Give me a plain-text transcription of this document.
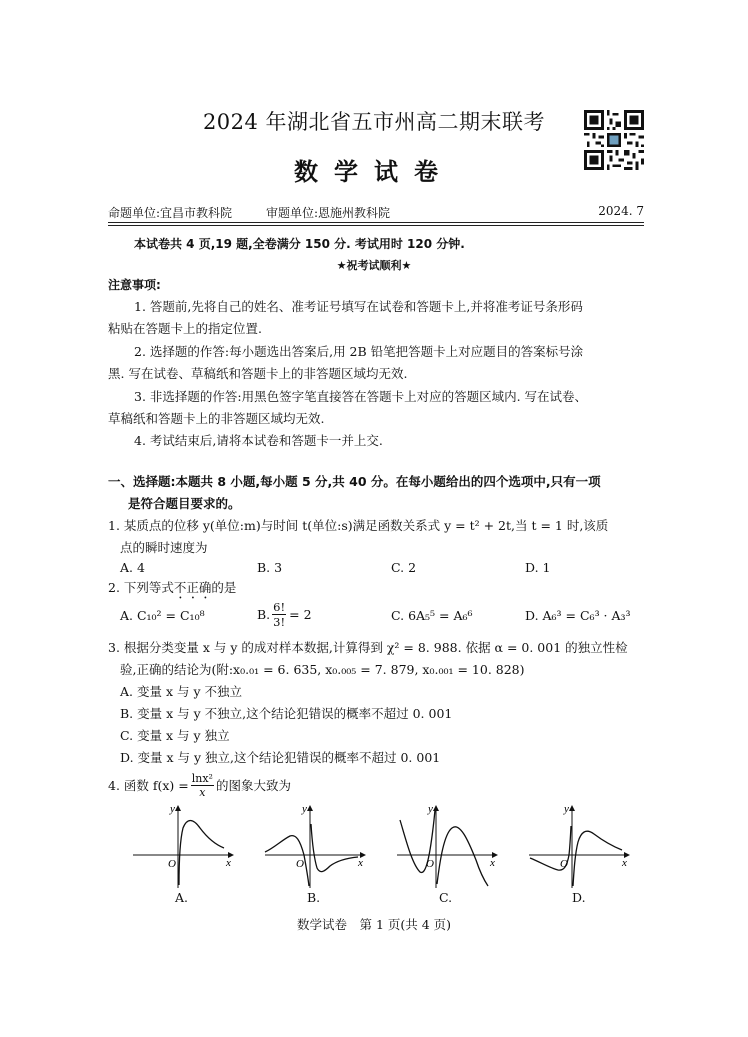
2024 年湖北省五市州高二期末联考
数学试卷
命题单位:宜昌市教科院	审题单位:恩施州教科院	2024. 7
本试卷共 4 页,19 题,全卷满分 150 分. 考试用时 120 分钟.
★祝考试顺利★
注意事项:
1. 答题前,先将自己的姓名、准考证号填写在试卷和答题卡上,并将准考证号条形码
粘贴在答题卡上的指定位置.
2. 选择题的作答:每小题选出答案后,用 2B 铅笔把答题卡上对应题目的答案标号涂
黑. 写在试卷、草稿纸和答题卡上的非答题区域均无效.
3. 非选择题的作答:用黑色签字笔直接答在答题卡上对应的答题区域内. 写在试卷、
草稿纸和答题卡上的非答题区域均无效.
4. 考试结束后,请将本试卷和答题卡一并上交.
一、选择题:本题共 8 小题,每小题 5 分,共 40 分。在每小题给出的四个选项中,只有一项
是符合题目要求的。
1. 某质点的位移 y(单位:m)与时间 t(单位:s)满足函数关系式 y = t² + 2t,当 t = 1 时,该质
点的瞬时速度为
A. 4	B. 3	C. 2	D. 1
2. 下列等式不正确的是
A. C₁₀² = C₁₀⁸	B. $\frac{6!}{3!} = 2$	C. 6A₅⁵ = A₆⁶	D. A₆³ = C₆³ · A₃³
3. 根据分类变量 x 与 y 的成对样本数据,计算得到 χ² = 8. 988. 依据 α = 0. 001 的独立性检
验,正确的结论为(附:x₀.₀₁ = 6. 635, x₀.₀₀₅ = 7. 879, x₀.₀₀₁ = 10. 828)
A. 变量 x 与 y 不独立
B. 变量 x 与 y 不独立,这个结论犯错误的概率不超过 0. 001
C. 变量 x 与 y 独立
D. 变量 x 与 y 独立,这个结论犯错误的概率不超过 0. 001
4. 函数 $f(x) = \frac{\text{lnx²}}{x}$ 的图象大致为
y
x
O
A.
y
x
O
B.
y
x
O
C.
y
x
O
D.
数学试卷　第 1 页(共 4 页)
